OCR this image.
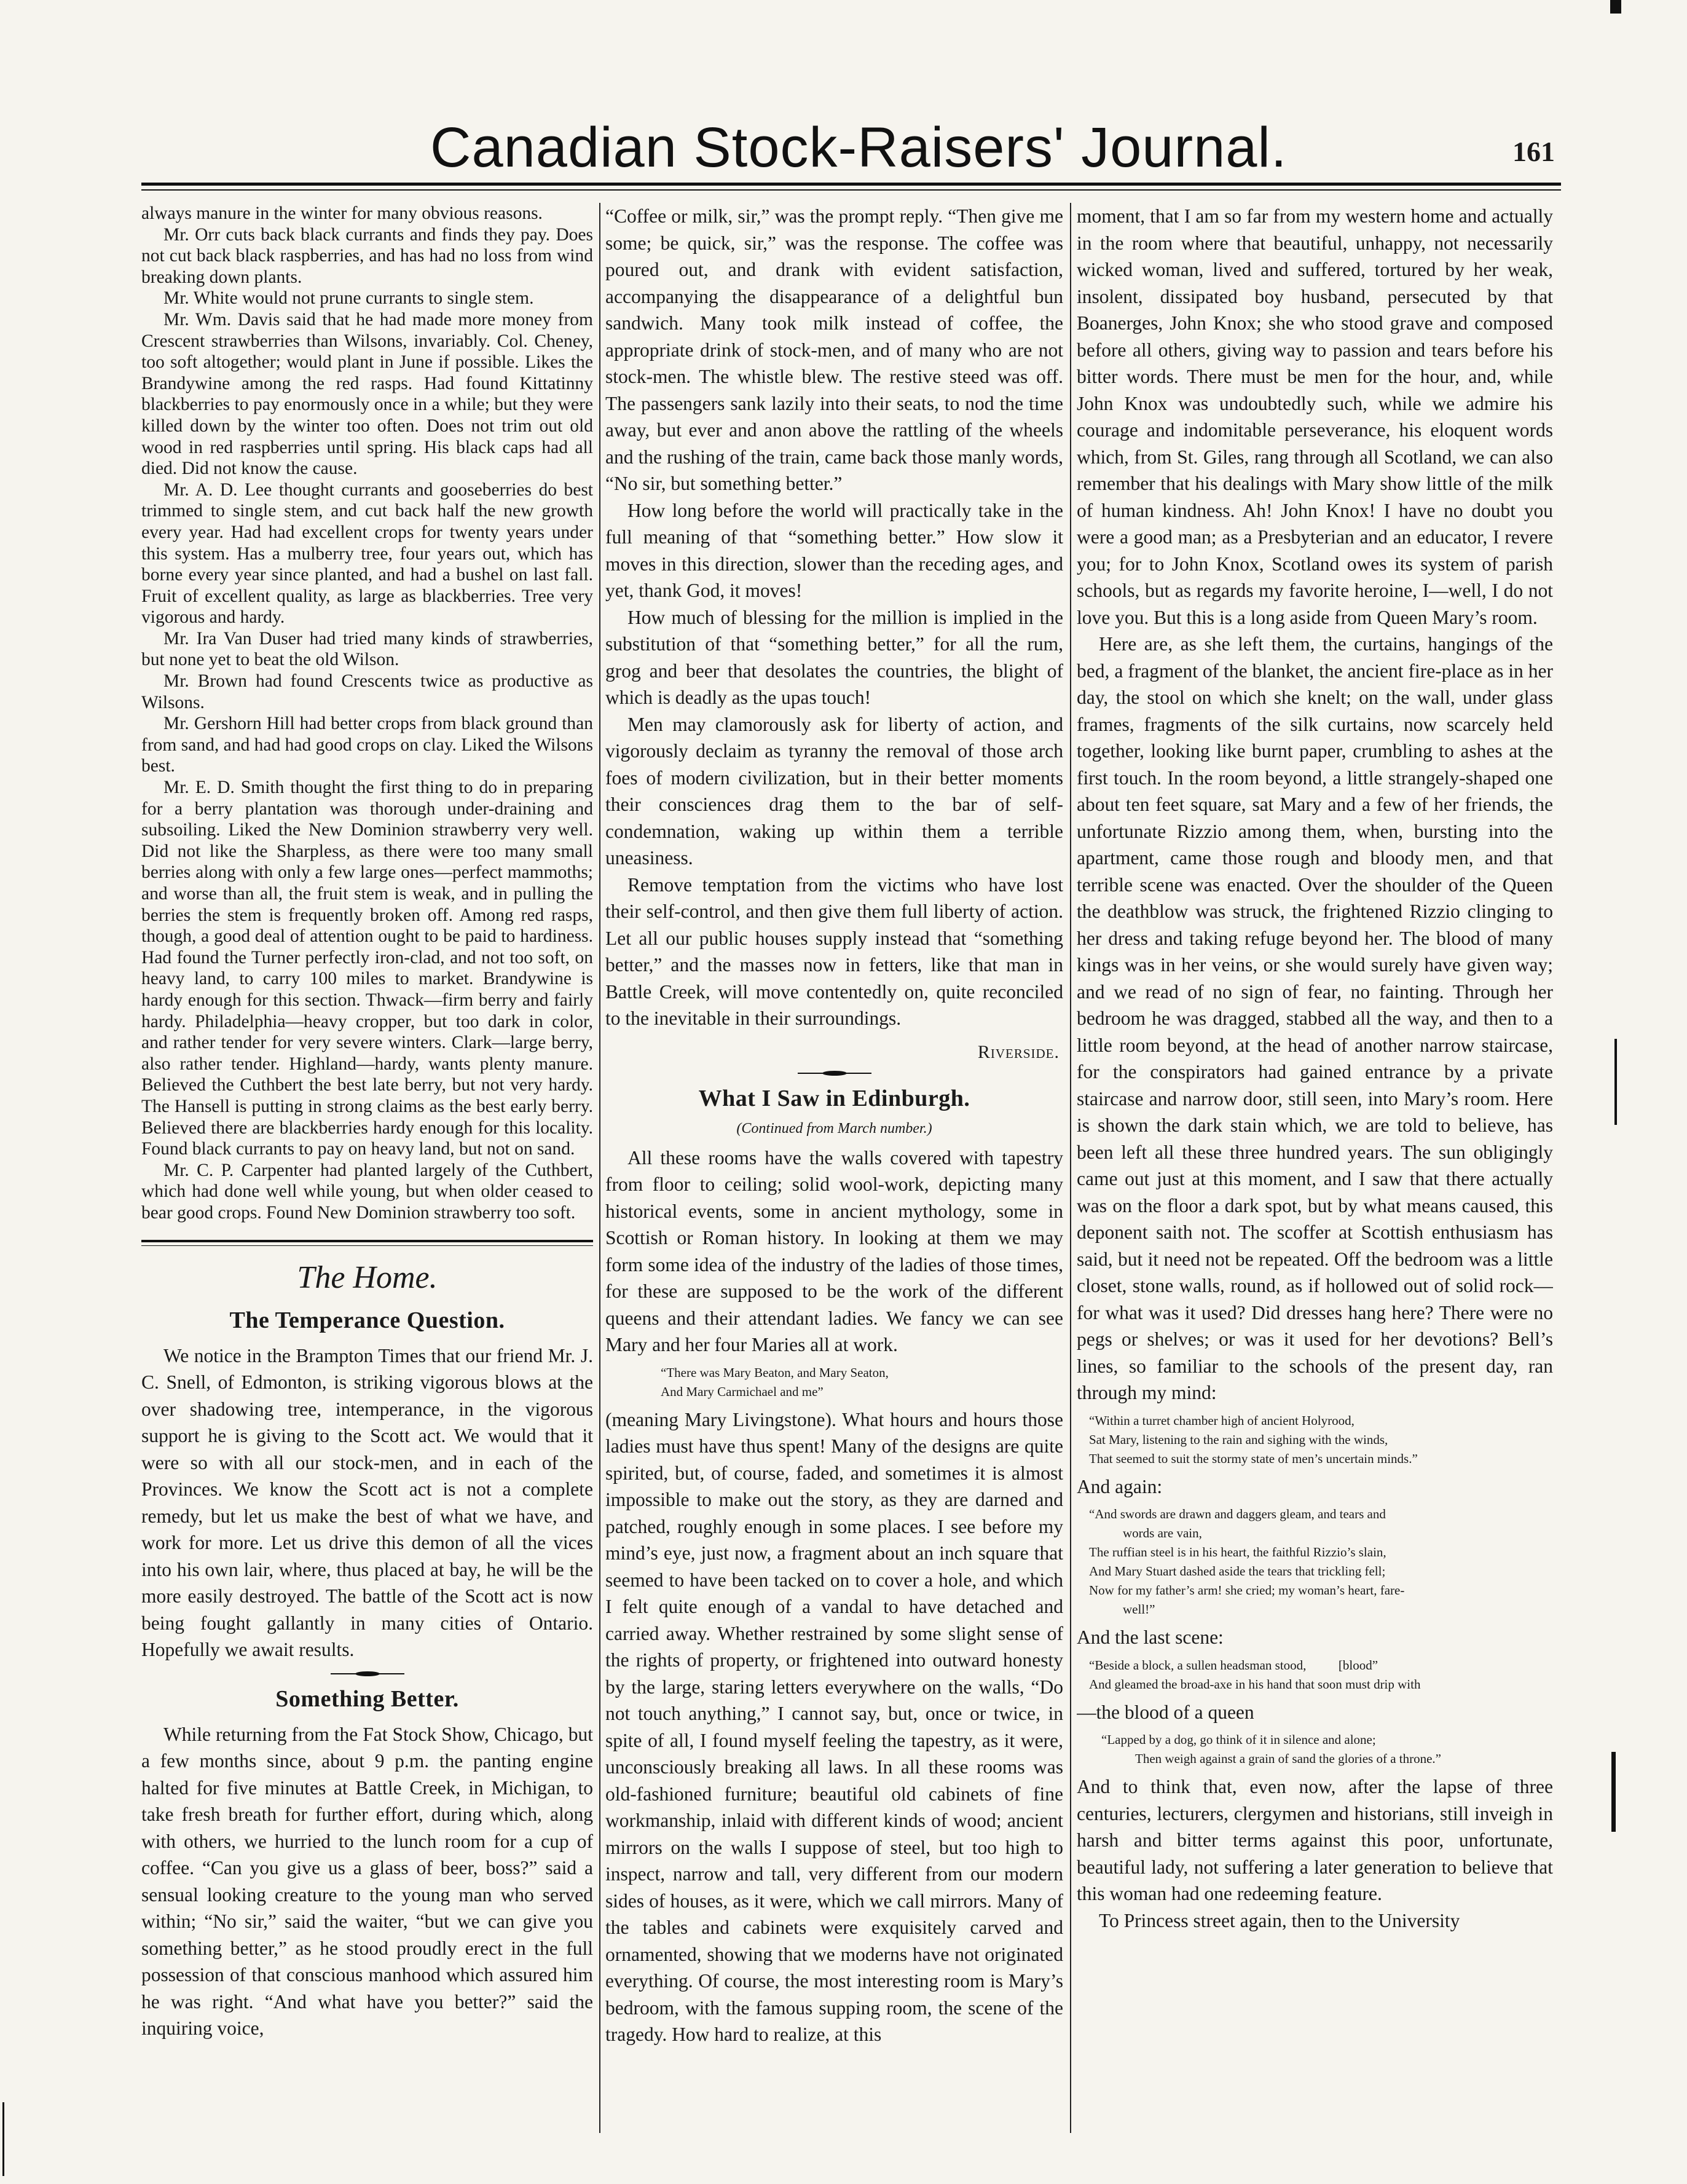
Canadian Stock-Raisers' Journal.	161

always manure in the winter for many obvious reasons.

Mr. Orr cuts back black currants and finds they pay. Does not cut back black raspberries, and has had no loss from wind breaking down plants.

Mr. White would not prune currants to single stem.

Mr. Wm. Davis said that he had made more money from Crescent strawberries than Wilsons, invariably. Col. Cheney, too soft altogether; would plant in June if possible. Likes the Brandywine among the red rasps. Had found Kittatinny blackberries to pay enormously once in a while; but they were killed down by the winter too often. Does not trim out old wood in red raspberries until spring. His black caps had all died. Did not know the cause.

Mr. A. D. Lee thought currants and gooseberries do best trimmed to single stem, and cut back half the new growth every year. Had had excellent crops for twenty years under this system. Has a mulberry tree, four years out, which has borne every year since planted, and had a bushel on last fall. Fruit of excellent quality, as large as blackberries. Tree very vigorous and hardy.

Mr. Ira Van Duser had tried many kinds of strawberries, but none yet to beat the old Wilson.

Mr. Brown had found Crescents twice as productive as Wilsons.

Mr. Gershorn Hill had better crops from black ground than from sand, and had had good crops on clay. Liked the Wilsons best.

Mr. E. D. Smith thought the first thing to do in preparing for a berry plantation was thorough under-draining and subsoiling. Liked the New Dominion strawberry very well. Did not like the Sharpless, as there were too many small berries along with only a few large ones—perfect mammoths; and worse than all, the fruit stem is weak, and in pulling the berries the stem is frequently broken off. Among red rasps, though, a good deal of attention ought to be paid to hardiness. Had found the Turner perfectly iron-clad, and not too soft, on heavy land, to carry 100 miles to market. Brandywine is hardy enough for this section. Thwack—firm berry and fairly hardy. Philadelphia—heavy cropper, but too dark in color, and rather tender for very severe winters. Clark—large berry, also rather tender. Highland—hardy, wants plenty manure. Believed the Cuthbert the best late berry, but not very hardy. The Hansell is putting in strong claims as the best early berry. Believed there are blackberries hardy enough for this locality. Found black currants to pay on heavy land, but not on sand.

Mr. C. P. Carpenter had planted largely of the Cuthbert, which had done well while young, but when older ceased to bear good crops. Found New Dominion strawberry too soft.

The Home.
The Temperance Question.

We notice in the Brampton Times that our friend Mr. J. C. Snell, of Edmonton, is striking vigorous blows at the over shadowing tree, intemperance, in the vigorous support he is giving to the Scott act. We would that it were so with all our stock-men, and in each of the Provinces. We know the Scott act is not a complete remedy, but let us make the best of what we have, and work for more. Let us drive this demon of all the vices into his own lair, where, thus placed at bay, he will be the more easily destroyed. The battle of the Scott act is now being fought gallantly in many cities of Ontario. Hopefully we await results.

Something Better.

While returning from the Fat Stock Show, Chicago, but a few months since, about 9 p.m. the panting engine halted for five minutes at Battle Creek, in Michigan, to take fresh breath for further effort, during which, along with others, we hurried to the lunch room for a cup of coffee. “Can you give us a glass of beer, boss?” said a sensual looking creature to the young man who served within; “No sir,” said the waiter, “but we can give you something better,” as he stood proudly erect in the full possession of that conscious manhood which assured him he was right. “And what have you better?” said the inquiring voice,

“Coffee or milk, sir,” was the prompt reply. “Then give me some; be quick, sir,” was the response. The coffee was poured out, and drank with evident satisfaction, accompanying the disappearance of a delightful bun sandwich. Many took milk instead of coffee, the appropriate drink of stock-men, and of many who are not stock-men. The whistle blew. The restive steed was off. The passengers sank lazily into their seats, to nod the time away, but ever and anon above the rattling of the wheels and the rushing of the train, came back those manly words, “No sir, but something better.”

How long before the world will practically take in the full meaning of that “something better.” How slow it moves in this direction, slower than the receding ages, and yet, thank God, it moves!

How much of blessing for the million is implied in the substitution of that “something better,” for all the rum, grog and beer that desolates the countries, the blight of which is deadly as the upas touch!

Men may clamorously ask for liberty of action, and vigorously declaim as tyranny the removal of those arch foes of modern civilization, but in their better moments their consciences drag them to the bar of self-condemnation, waking up within them a terrible uneasiness.

Remove temptation from the victims who have lost their self-control, and then give them full liberty of action. Let all our public houses supply instead that “something better,” and the masses now in fetters, like that man in Battle Creek, will move contentedly on, quite reconciled to the inevitable in their surroundings.

Riverside.
What I Saw in Edinburgh.
(Continued from March number.)

All these rooms have the walls covered with tapestry from floor to ceiling; solid wool-work, depicting many historical events, some in ancient mythology, some in Scottish or Roman history. In looking at them we may form some idea of the industry of the ladies of those times, for these are supposed to be the work of the different queens and their attendant ladies. We fancy we can see Mary and her four Maries all at work.

“There was Mary Beaton, and Mary Seaton,
And Mary Carmichael and me”

(meaning Mary Livingstone). What hours and hours those ladies must have thus spent! Many of the designs are quite spirited, but, of course, faded, and sometimes it is almost impossible to make out the story, as they are darned and patched, roughly enough in some places. I see before my mind’s eye, just now, a fragment about an inch square that seemed to have been tacked on to cover a hole, and which I felt quite enough of a vandal to have detached and carried away. Whether restrained by some slight sense of the rights of property, or frightened into outward honesty by the large, staring letters everywhere on the walls, “Do not touch anything,” I cannot say, but, once or twice, in spite of all, I found myself feeling the tapestry, as it were, unconsciously breaking all laws. In all these rooms was old-fashioned furniture; beautiful old cabinets of fine workmanship, inlaid with different kinds of wood; ancient mirrors on the walls I suppose of steel, but too high to inspect, narrow and tall, very different from our modern sides of houses, as it were, which we call mirrors. Many of the tables and cabinets were exquisitely carved and ornamented, showing that we moderns have not originated everything. Of course, the most interesting room is Mary’s bedroom, with the famous supping room, the scene of the tragedy. How hard to realize, at this

moment, that I am so far from my western home and actually in the room where that beautiful, unhappy, not necessarily wicked woman, lived and suffered, tortured by her weak, insolent, dissipated boy husband, persecuted by that Boanerges, John Knox; she who stood grave and composed before all others, giving way to passion and tears before his bitter words. There must be men for the hour, and, while John Knox was undoubtedly such, while we admire his courage and indomitable perseverance, his eloquent words which, from St. Giles, rang through all Scotland, we can also remember that his dealings with Mary show little of the milk of human kindness. Ah! John Knox! I have no doubt you were a good man; as a Presbyterian and an educator, I revere you; for to John Knox, Scotland owes its system of parish schools, but as regards my favorite heroine, I—well, I do not love you. But this is a long aside from Queen Mary’s room.

Here are, as she left them, the curtains, hangings of the bed, a fragment of the blanket, the ancient fire-place as in her day, the stool on which she knelt; on the wall, under glass frames, fragments of the silk curtains, now scarcely held together, looking like burnt paper, crumbling to ashes at the first touch. In the room beyond, a little strangely-shaped one about ten feet square, sat Mary and a few of her friends, the unfortunate Rizzio among them, when, bursting into the apartment, came those rough and bloody men, and that terrible scene was enacted. Over the shoulder of the Queen the deathblow was struck, the frightened Rizzio clinging to her dress and taking refuge beyond her. The blood of many kings was in her veins, or she would surely have given way; and we read of no sign of fear, no fainting. Through her bedroom he was dragged, stabbed all the way, and then to a little room beyond, at the head of another narrow staircase, for the conspirators had gained entrance by a private staircase and narrow door, still seen, into Mary’s room. Here is shown the dark stain which, we are told to believe, has been left all these three hundred years. The sun obligingly came out just at this moment, and I saw that there actually was on the floor a dark spot, but by what means caused, this deponent saith not. The scoffer at Scottish enthusiasm has said, but it need not be repeated. Off the bedroom was a little closet, stone walls, round, as if hollowed out of solid rock—for what was it used? Did dresses hang here? There were no pegs or shelves; or was it used for her devotions? Bell’s lines, so familiar to the schools of the present day, ran through my mind:

“Within a turret chamber high of ancient Holyrood,
Sat Mary, listening to the rain and sighing with the winds,
That seemed to suit the stormy state of men’s uncertain minds.”

And again:

“And swords are drawn and daggers gleam, and tears and
words are vain,
The ruffian steel is in his heart, the faithful Rizzio’s slain,
And Mary Stuart dashed aside the tears that trickling fell;
Now for my father’s arm! she cried; my woman’s heart, fare-
well!”

And the last scene:

“Beside a block, a sullen headsman stood,          [blood”
And gleamed the broad-axe in his hand that soon must drip with

—the blood of a queen

“Lapped by a dog, go think of it in silence and alone;
Then weigh against a grain of sand the glories of a throne.”

And to think that, even now, after the lapse of three centuries, lecturers, clergymen and historians, still inveigh in harsh and bitter terms against this poor, unfortunate, beautiful lady, not suffering a later generation to believe that this woman had one redeeming feature.

To Princess street again, then to the University
